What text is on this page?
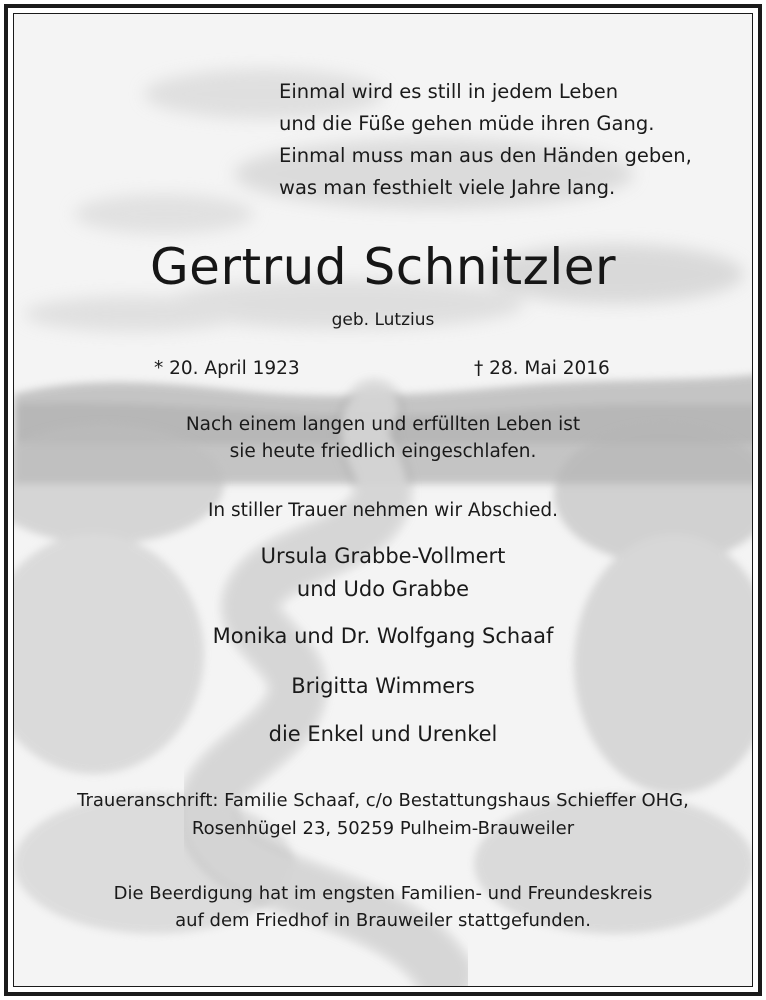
Einmal wird es still in jedem Leben
und die Füße gehen müde ihren Gang.
Einmal muss man aus den Händen geben,
was man festhielt viele Jahre lang.
Gertrud Schnitzler
geb. Lutzius
* 20. April 1923	† 28. Mai 2016
Nach einem langen und erfüllten Leben ist
sie heute friedlich eingeschlafen.
In stiller Trauer nehmen wir Abschied.
Ursula Grabbe-Vollmert
und Udo Grabbe
Monika und Dr. Wolfgang Schaaf
Brigitta Wimmers
die Enkel und Urenkel
Traueranschrift: Familie Schaaf, c/o Bestattungshaus Schieffer OHG,
Rosenhügel 23, 50259 Pulheim-Brauweiler
Die Beerdigung hat im engsten Familien- und Freundeskreis
auf dem Friedhof in Brauweiler stattgefunden.
